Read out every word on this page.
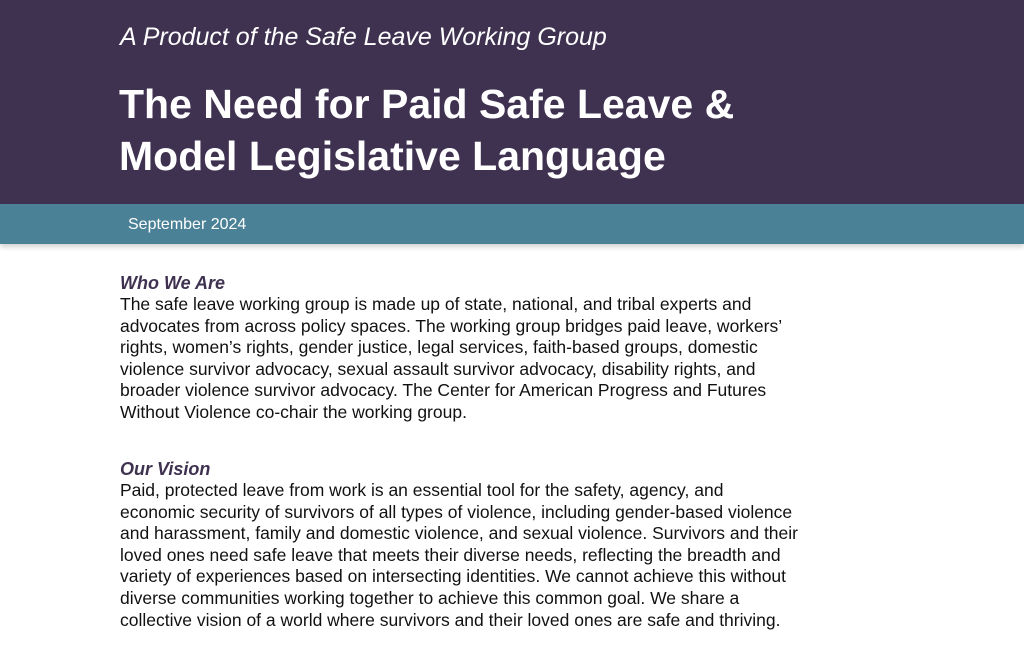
A Product of the Safe Leave Working Group
The Need for Paid Safe Leave &
Model Legislative Language
September 2024
Who We Are
The safe leave working group is made up of state, national, and tribal experts and
advocates from across policy spaces. The working group bridges paid leave, workers’
rights, women’s rights, gender justice, legal services, faith-based groups, domestic
violence survivor advocacy, sexual assault survivor advocacy, disability rights, and
broader violence survivor advocacy. The Center for American Progress and Futures
Without Violence co-chair the working group.
Our Vision
Paid, protected leave from work is an essential tool for the safety, agency, and
economic security of survivors of all types of violence, including gender-based violence
and harassment, family and domestic violence, and sexual violence. Survivors and their
loved ones need safe leave that meets their diverse needs, reflecting the breadth and
variety of experiences based on intersecting identities. We cannot achieve this without
diverse communities working together to achieve this common goal. We share a
collective vision of a world where survivors and their loved ones are safe and thriving.
